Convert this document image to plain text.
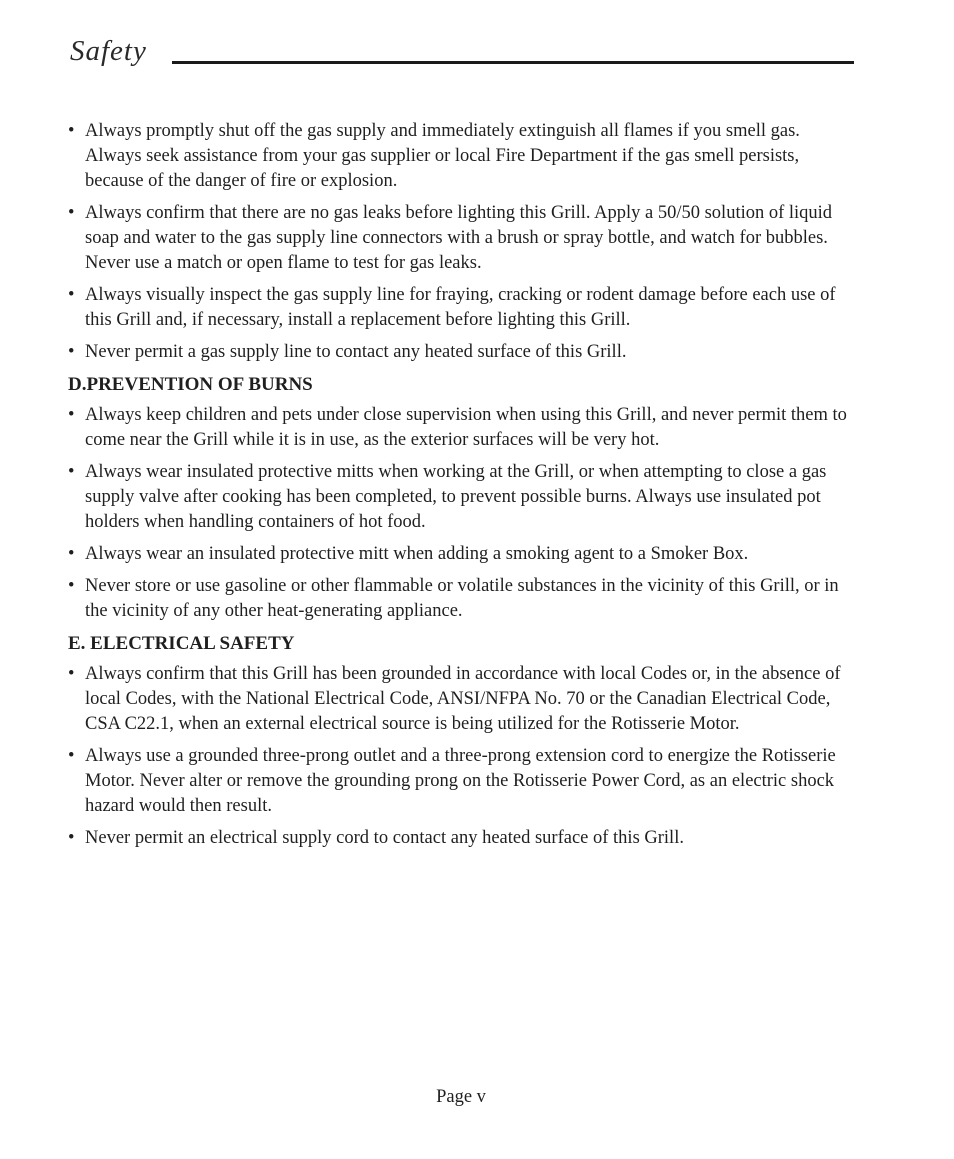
Safety
• Always promptly shut off the gas supply and immediately extinguish all flames if you smell gas. Always seek assistance from your gas supplier or local Fire Department if the gas smell persists, because of the danger of fire or explosion.
• Always confirm that there are no gas leaks before lighting this Grill. Apply a 50/50 solution of liquid soap and water to the gas supply line connectors with a brush or spray bottle, and watch for bubbles. Never use a match or open flame to test for gas leaks.
• Always visually inspect the gas supply line for fraying, cracking or rodent damage before each use of this Grill and, if necessary, install a replacement before lighting this Grill.
• Never permit a gas supply line to contact any heated surface of this Grill.
D.PREVENTION OF BURNS
• Always keep children and pets under close supervision when using this Grill, and never permit them to come near the Grill while it is in use, as the exterior surfaces will be very hot.
• Always wear insulated protective mitts when working at the Grill, or when attempting to close a gas supply valve after cooking has been completed, to prevent possible burns. Always use insulated pot holders when handling containers of hot food.
• Always wear an insulated protective mitt when adding a smoking agent to a Smoker Box.
• Never store or use gasoline or other flammable or volatile substances in the vicinity of this Grill, or in the vicinity of any other heat-generating appliance.
E. ELECTRICAL SAFETY
• Always confirm that this Grill has been grounded in accordance with local Codes or, in the absence of local Codes, with the National Electrical Code, ANSI/NFPA No. 70 or the Canadian Electrical Code, CSA C22.1, when an external electrical source is being utilized for the Rotisserie Motor.
• Always use a grounded three-prong outlet and a three-prong extension cord to energize the Rotisserie Motor. Never alter or remove the grounding prong on the Rotisserie Power Cord, as an electric shock hazard would then result.
• Never permit an electrical supply cord to contact any heated surface of this Grill.
Page v
